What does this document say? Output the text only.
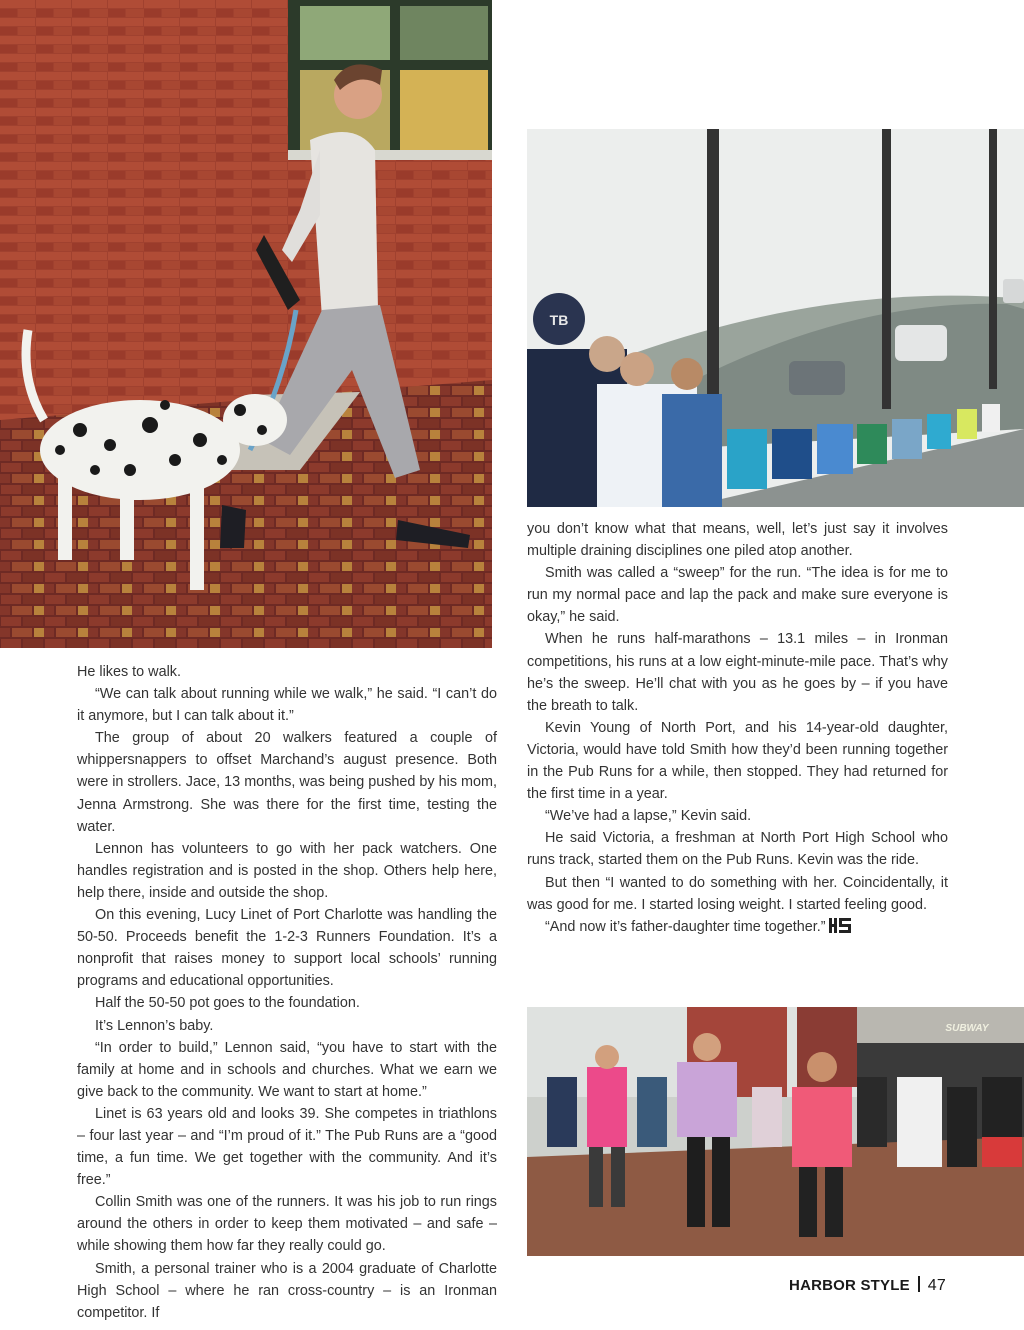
TB
SUBWAY

He likes to walk.

“We can talk about running while we walk,” he said. “I can’t do it anymore, but I can talk about it.”

The group of about 20 walkers featured a couple of whippersnappers to offset Marchand’s august presence. Both were in strollers. Jace, 13 months, was being pushed by his mom, Jenna Armstrong. She was there for the first time, testing the water.

Lennon has volunteers to go with her pack watchers. One handles registration and is posted in the shop. Others help here, help there, inside and outside the shop.

On this evening, Lucy Linet of Port Charlotte was handling the 50-50. Proceeds benefit the 1-2-3 Runners Foundation. It’s a nonprofit that raises money to support local schools’ running programs and educational opportunities.

Half the 50-50 pot goes to the foundation.

It’s Lennon’s baby.

“In order to build,” Lennon said, “you have to start with the family at home and in schools and churches. What we earn we give back to the community. We want to start at home.”

Linet is 63 years old and looks 39. She competes in triathlons – four last year – and “I’m proud of it.” The Pub Runs are a “good time, a fun time. We get together with the community. And it’s free.”

Collin Smith was one of the runners. It was his job to run rings around the others in order to keep them motivated – and safe – while showing them how far they really could go.

Smith, a personal trainer who is a 2004 graduate of Charlotte High School – where he ran cross-country – is an Ironman competitor. If

you don’t know what that means, well, let’s just say it involves multiple draining disciplines one piled atop another.

Smith was called a “sweep” for the run. “The idea is for me to run my normal pace and lap the pack and make sure everyone is okay,” he said.

When he runs half-marathons – 13.1 miles – in Ironman competitions, his runs at a low eight-minute-mile pace. That’s why he’s the sweep. He’ll chat with you as he goes by – if you have the breath to talk.

Kevin Young of North Port, and his 14-year-old daughter, Victoria, would have told Smith how they’d been running together in the Pub Runs for a while, then stopped. They had returned for the first time in a year.

“We’ve had a lapse,” Kevin said.

He said Victoria, a freshman at North Port High School who runs track, started them on the Pub Runs. Kevin was the ride.

But then “I wanted to do something with her. Coincidentally, it was good for me. I started losing weight. I started feeling good.

“And now it’s father-daughter time together.”

HARBOR STYLE 47
